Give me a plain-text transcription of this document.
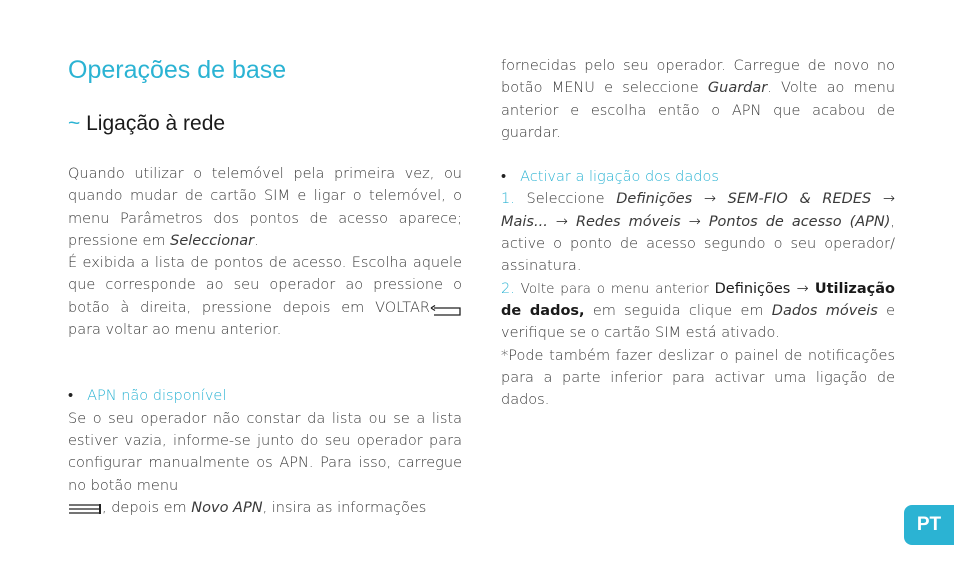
Operações de base
~ Ligação à rede

Quando utilizar o telemóvel pela primeira vez, ou quando mudar de cartão SIM e ligar o telemóvel, o menu Parâmetros dos pontos de acesso aparece; pressione em Seleccionar.

É exibida a lista de pontos de acesso. Escolha aquele que corresponde ao seu operador ao pressione o botão à direita, pressione depois em VOLTAR para voltar ao menu anterior.

• APN não disponível

Se o seu operador não constar da lista ou se a lista estiver vazia, informe-se junto do seu operador para configurar manualmente os APN. Para isso, carregue no botão menu
, depois em Novo APN, insira as informações

fornecidas pelo seu operador. Carregue de novo no botão MENU e seleccione Guardar. Volte ao menu anterior e escolha então o APN que acabou de guardar.

• Activar a ligação dos dados

1. Seleccione Definições → SEM-FIO & REDES → Mais... → Redes móveis → Pontos de acesso (APN), active o ponto de acesso segundo o seu operador/ assinatura.

2. Volte para o menu anterior Definições → Utilização de dados, em seguida clique em Dados móveis e verifique se o cartão SIM está ativado.

*Pode também fazer deslizar o painel de notificações para a parte inferior para activar uma ligação de dados.

PT
